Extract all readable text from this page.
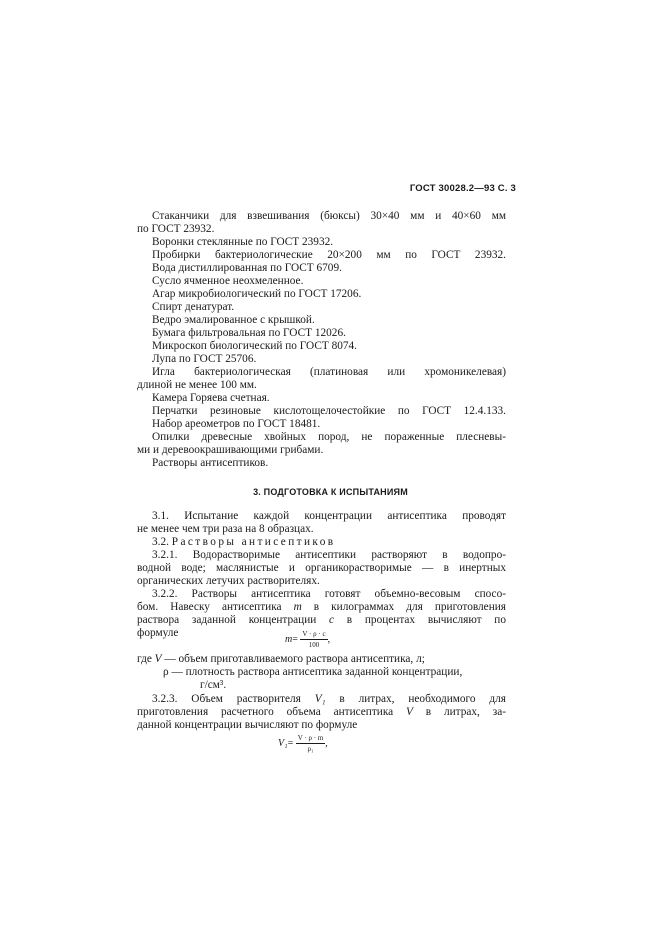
ГОСТ 30028.2—93 С. 3
Стаканчики для взвешивания (бюксы) 30×40 мм и 40×60 мм
по ГОСТ 23932.
Воронки стеклянные по ГОСТ 23932.
Пробирки бактериологические 20×200 мм по ГОСТ 23932.
Вода дистиллированная по ГОСТ 6709.
Сусло ячменное неохмеленное.
Агар микробиологический по ГОСТ 17206.
Спирт денатурат.
Ведро эмалированное с крышкой.
Бумага фильтровальная по ГОСТ 12026.
Микроскоп биологический по ГОСТ 8074.
Лупа по ГОСТ 25706.
Игла бактериологическая (платиновая или хромоникелевая)
длиной не менее 100 мм.
Камера Горяева счетная.
Перчатки резиновые кислотощелочестойкие по ГОСТ 12.4.133.
Набор ареометров по ГОСТ 18481.
Опилки древесные хвойных пород, не пораженные плесневы-
ми и деревоокрашивающими грибами.
Растворы антисептиков.
3. ПОДГОТОВКА К ИСПЫТАНИЯМ
3.1. Испытание каждой концентрации антисептика проводят
не менее чем три раза на 8 образцах.
3.2. Растворы антисептиков
3.2.1. Водорастворимые антисептики растворяют в водопро-
водной воде; маслянистые и органикорастворимые — в инертных
органических летучих растворителях.
3.2.2. Растворы антисептика готовят объемно-весовым спосо-
бом. Навеску антисептика m в килограммах для приготовления
раствора заданной концентрации c в процентах вычисляют по
формуле
$m= \frac{V \cdot \rho \cdot c}{100}$ ,
где V — объем приготавливаемого раствора антисептика, л;
ρ — плотность раствора антисептика заданной концентрации,
г/см³.
3.2.3. Объем растворителя V₁ в литрах, необходимого для
приготовления расчетного объема антисептика V в литрах, за-
данной концентрации вычисляют по формуле
$V_1= \frac{V \cdot \rho \cdot m}{\text{ρ₁}}$ ,
